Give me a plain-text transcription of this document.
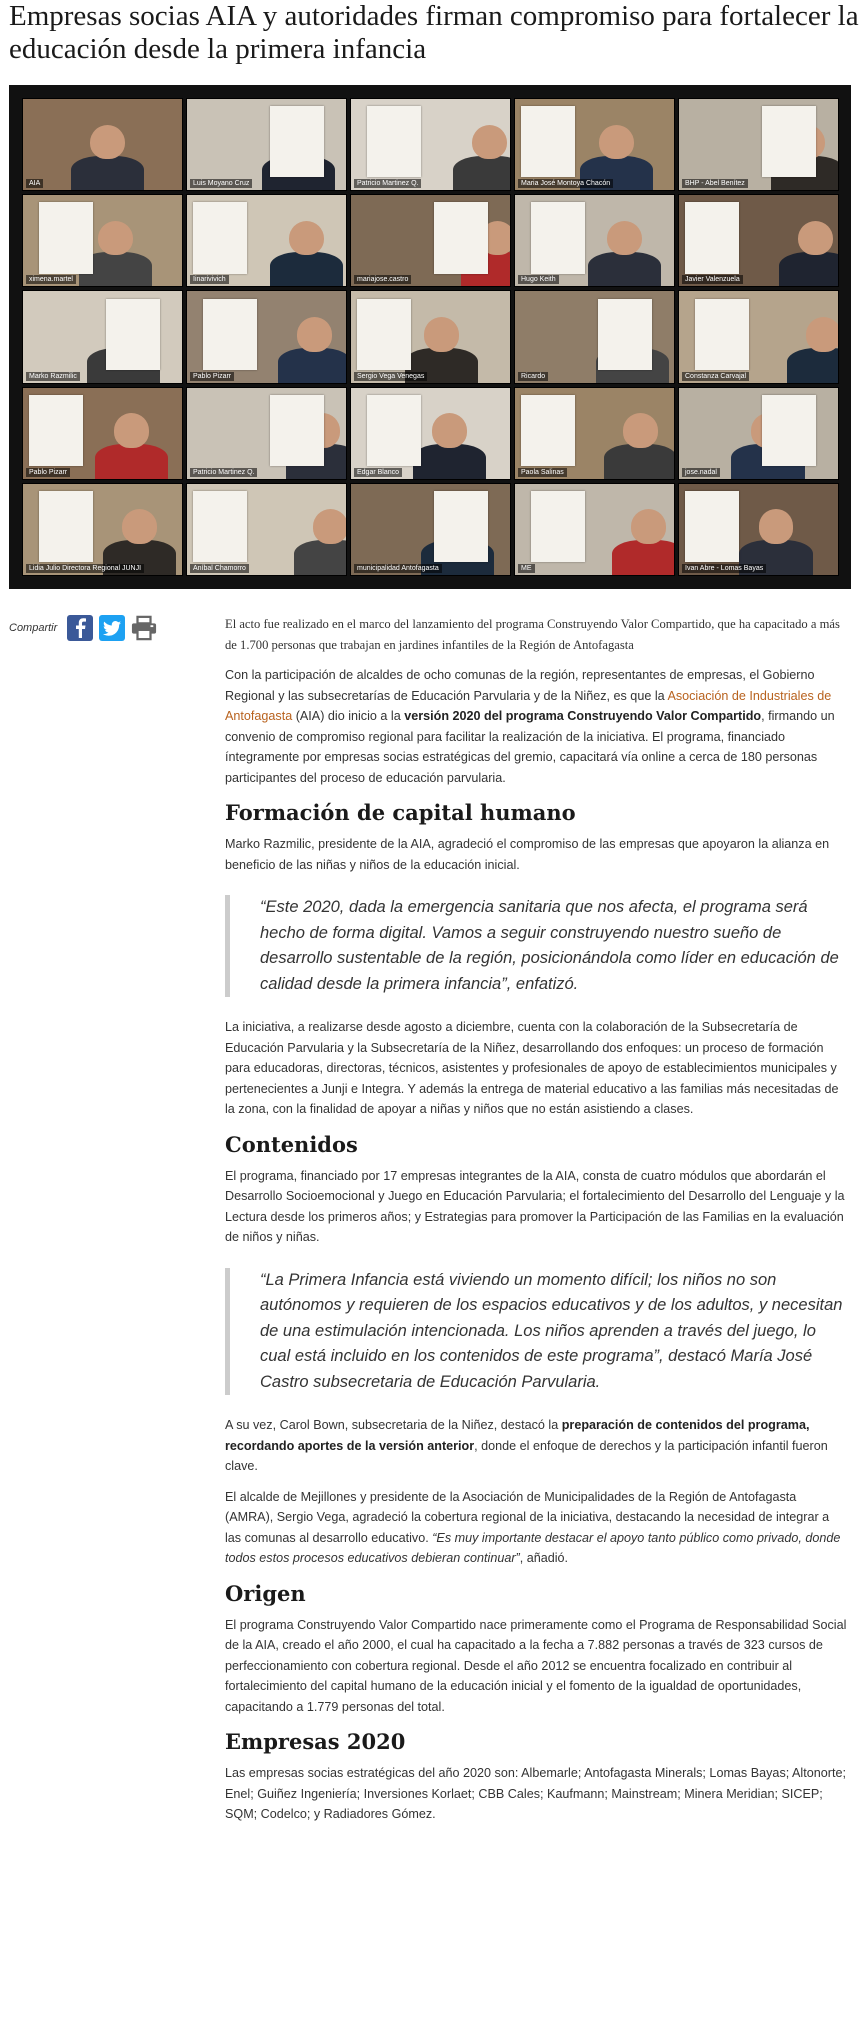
Empresas socias AIA y autoridades firman compromiso para fortalecer la educación desde la primera infancia
AIA	Luis Moyano Cruz	Patricio Martinez Q.	Maria José Montoya Chacón	BHP - Abel Benítez
ximena.martel	Iinarivivich	mariajose.castro	Hugo Keith	Javier Valenzuela
Marko Razmilic	Pablo Pizarr	Sergio Vega Venegas	Ricardo	Constanza Carvajal
Pablo Pizarr	Patricio Martinez Q.	Edgar Blanco	Paola Salinas	jose.nadal
Lidia Julio Directora Regional JUNJI	Aníbal Chamorro	municipalidad Antofagasta	ME	Ivan Abre - Lomas Bayas
Compartir	El acto fue realizado en el marco del lanzamiento del programa Construyendo Valor Compartido, que ha capacitado a más de 1.700 personas que trabajan en jardines infantiles de la Región de Antofagasta

Con la participación de alcaldes de ocho comunas de la región, representantes de empresas, el Gobierno Regional y las subsecretarías de Educación Parvularia y de la Niñez, es que la Asociación de Industriales de Antofagasta (AIA) dio inicio a la versión 2020 del programa Construyendo Valor Compartido, firmando un convenio de compromiso regional para facilitar la realización de la iniciativa. El programa, financiado íntegramente por empresas socias estratégicas del gremio, capacitará vía online a cerca de 180 personas participantes del proceso de educación parvularia.

Formación de capital humano

Marko Razmilic, presidente de la AIA, agradeció el compromiso de las empresas que apoyaron la alianza en beneficio de las niñas y niños de la educación inicial.

“Este 2020, dada la emergencia sanitaria que nos afecta, el programa será hecho de forma digital. Vamos a seguir construyendo nuestro sueño de desarrollo sustentable de la región, posicionándola como líder en educación de calidad desde la primera infancia”, enfatizó.

La iniciativa, a realizarse desde agosto a diciembre, cuenta con la colaboración de la Subsecretaría de Educación Parvularia y la Subsecretaría de la Niñez, desarrollando dos enfoques: un proceso de formación para educadoras, directoras, técnicos, asistentes y profesionales de apoyo de establecimientos municipales y pertenecientes a Junji e Integra. Y además la entrega de material educativo a las familias más necesitadas de la zona, con la finalidad de apoyar a niñas y niños que no están asistiendo a clases.

Contenidos

El programa, financiado por 17 empresas integrantes de la AIA, consta de cuatro módulos que abordarán el Desarrollo Socioemocional y Juego en Educación Parvularia; el fortalecimiento del Desarrollo del Lenguaje y la Lectura desde los primeros años; y Estrategias para promover la Participación de las Familias en la evaluación de niños y niñas.

“La Primera Infancia está viviendo un momento difícil; los niños no son autónomos y requieren de los espacios educativos y de los adultos, y necesitan de una estimulación intencionada. Los niños aprenden a través del juego, lo cual está incluido en los contenidos de este programa”, destacó María José Castro subsecretaria de Educación Parvularia.

A su vez, Carol Bown, subsecretaria de la Niñez, destacó la preparación de contenidos del programa, recordando aportes de la versión anterior, donde el enfoque de derechos y la participación infantil fueron clave.

El alcalde de Mejillones y presidente de la Asociación de Municipalidades de la Región de Antofagasta (AMRA), Sergio Vega, agradeció la cobertura regional de la iniciativa, destacando la necesidad de integrar a las comunas al desarrollo educativo. “Es muy importante destacar el apoyo tanto público como privado, donde todos estos procesos educativos debieran continuar”, añadió.

Origen

El programa Construyendo Valor Compartido nace primeramente como el Programa de Responsabilidad Social de la AIA, creado el año 2000, el cual ha capacitado a la fecha a 7.882 personas a través de 323 cursos de perfeccionamiento con cobertura regional. Desde el año 2012 se encuentra focalizado en contribuir al fortalecimiento del capital humano de la educación inicial y el fomento de la igualdad de oportunidades, capacitando a 1.779 personas del total.

Empresas 2020

Las empresas socias estratégicas del año 2020 son: Albemarle; Antofagasta Minerals; Lomas Bayas; Altonorte; Enel; Guiñez Ingeniería; Inversiones Korlaet; CBB Cales; Kaufmann; Mainstream; Minera Meridian; SICEP; SQM; Codelco; y Radiadores Gómez.
